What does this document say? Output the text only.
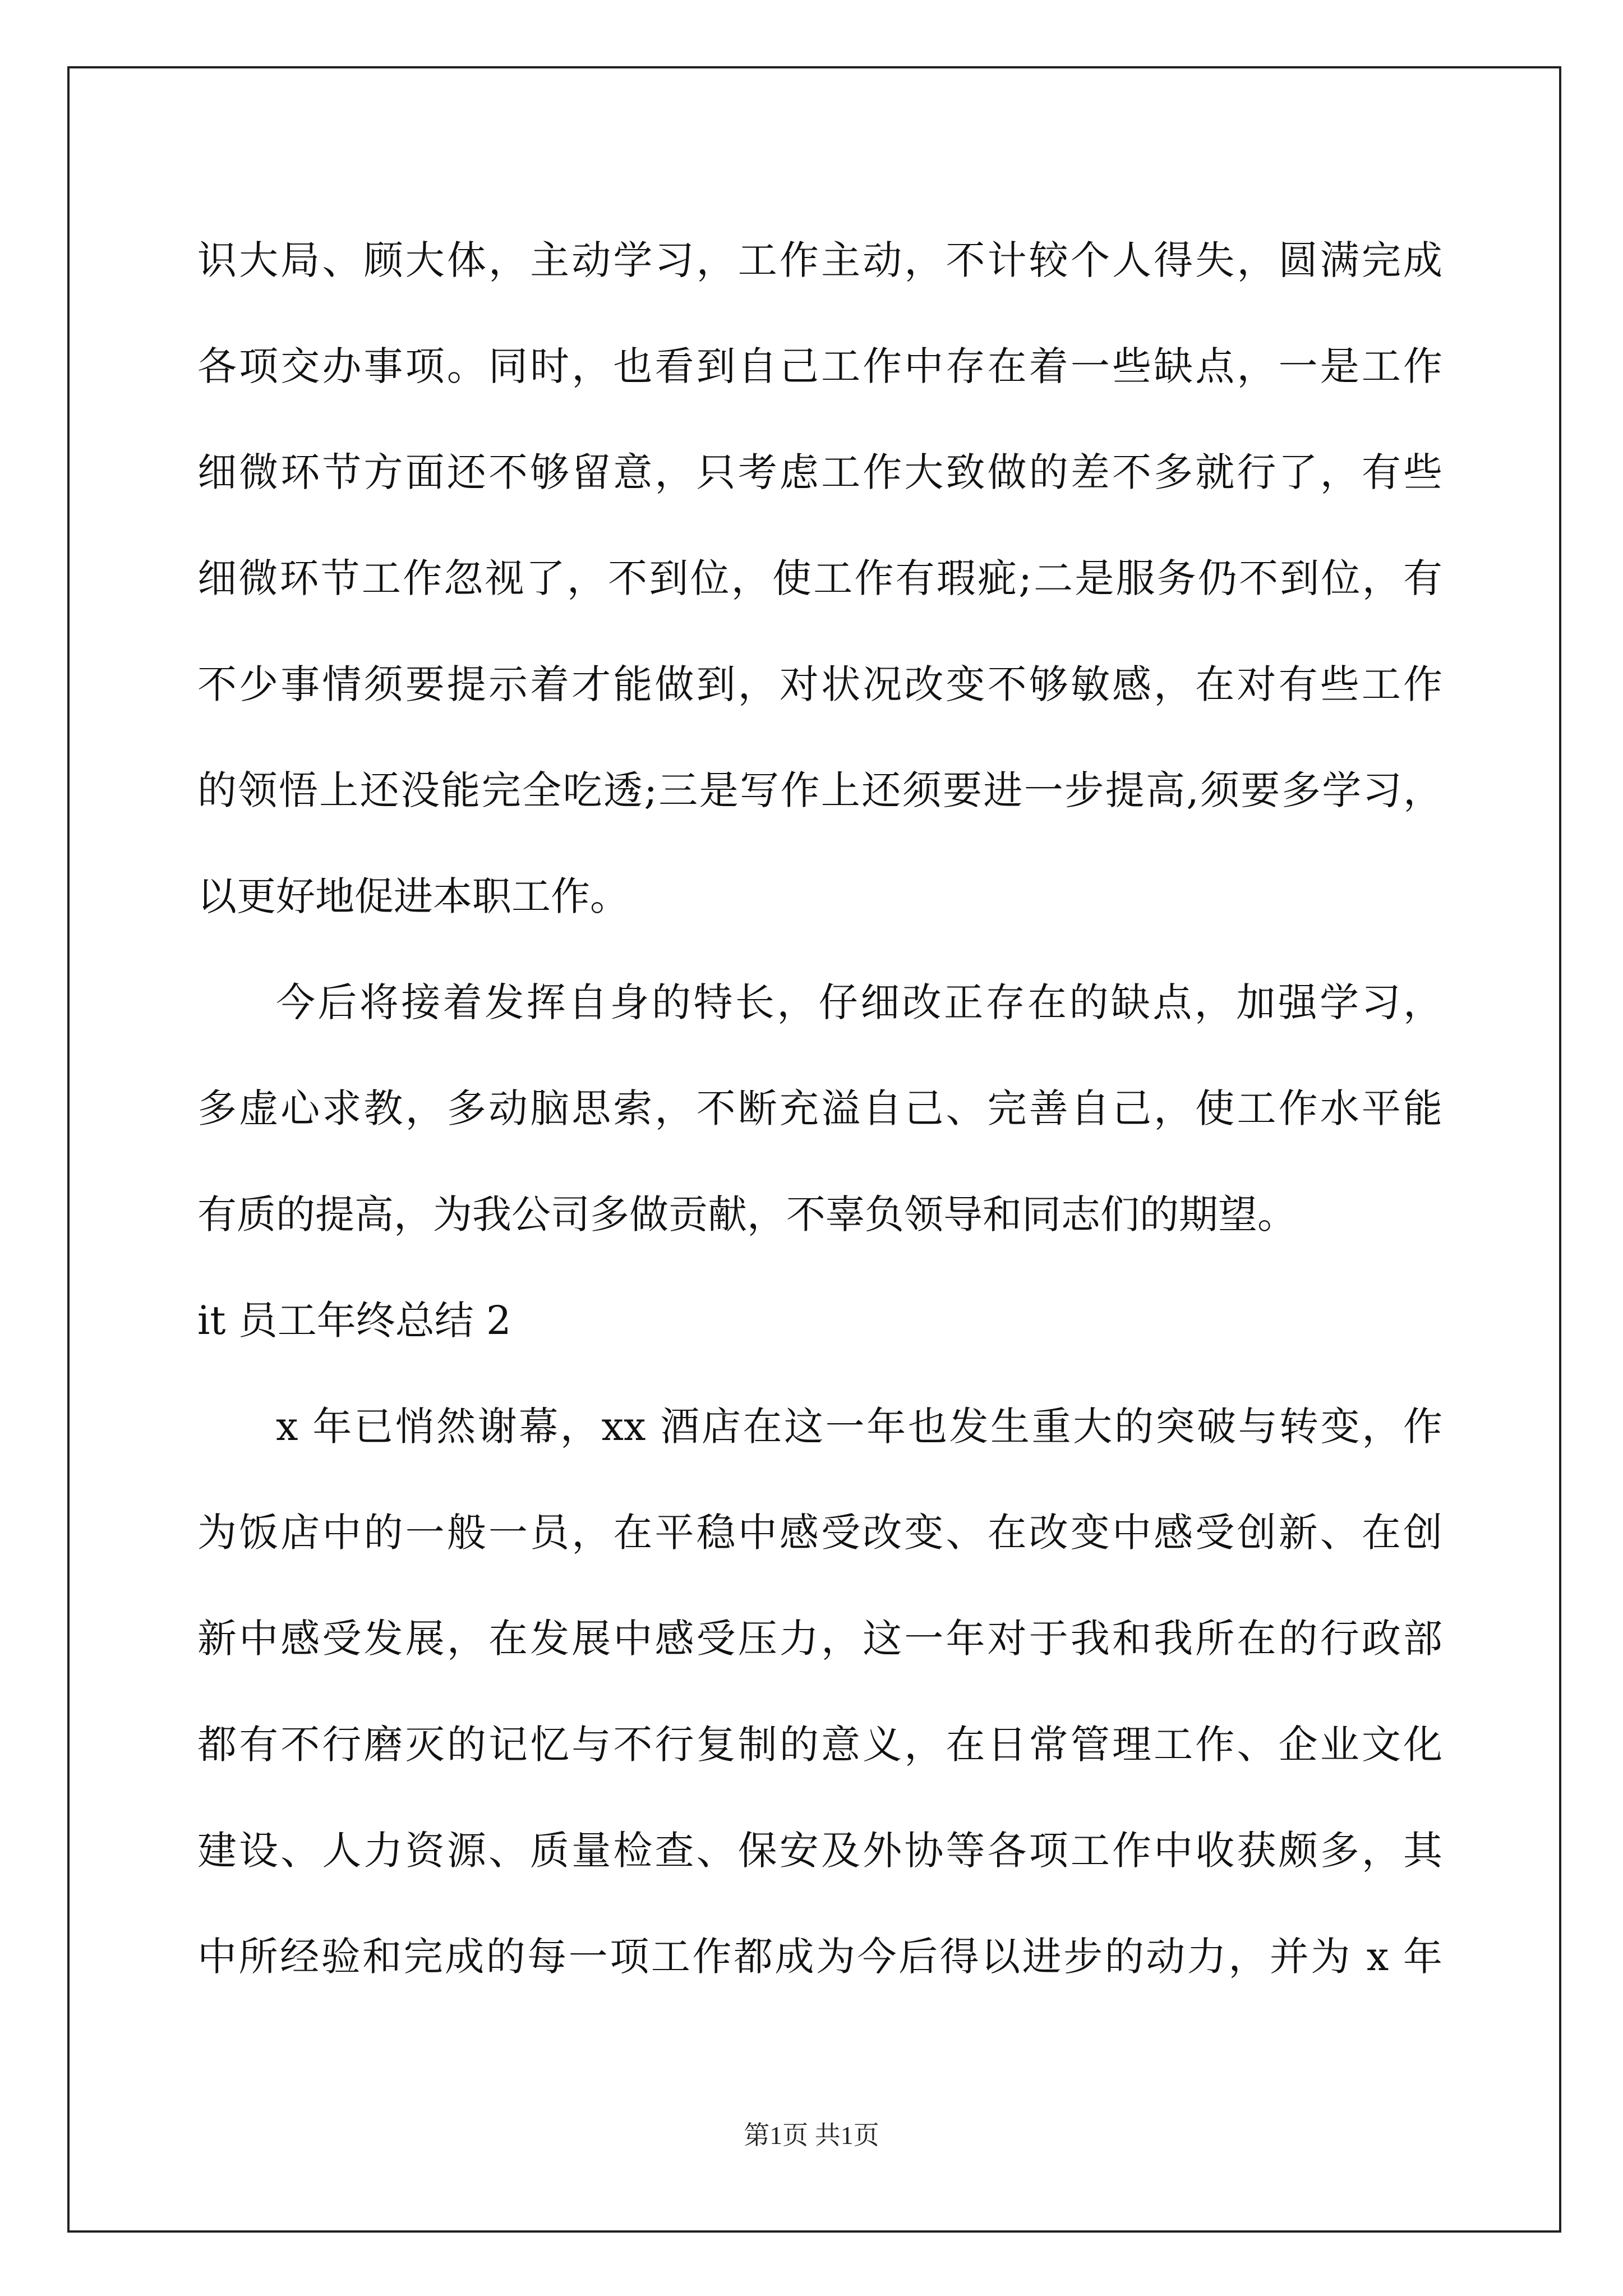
识大局、顾大体，主动学习，工作主动，不计较个人得失，圆满完成
各项交办事项。同时，也看到自己工作中存在着一些缺点，一是工作
细微环节方面还不够留意，只考虑工作大致做的差不多就行了，有些
细微环节工作忽视了，不到位，使工作有瑕疵;二是服务仍不到位，有
不少事情须要提示着才能做到，对状况改变不够敏感，在对有些工作
的领悟上还没能完全吃透;三是写作上还须要进一步提高,须要多学习，
以更好地促进本职工作。
今后将接着发挥自身的特长，仔细改正存在的缺点，加强学习，
多虚心求教，多动脑思索，不断充溢自己、完善自己，使工作水平能
有质的提高，为我公司多做贡献，不辜负领导和同志们的期望。
it 员工年终总结 2
x 年已悄然谢幕，xx 酒店在这一年也发生重大的突破与转变，作
为饭店中的一般一员，在平稳中感受改变、在改变中感受创新、在创
新中感受发展，在发展中感受压力，这一年对于我和我所在的行政部
都有不行磨灭的记忆与不行复制的意义，在日常管理工作、企业文化
建设、人力资源、质量检查、保安及外协等各项工作中收获颇多，其
中所经验和完成的每一项工作都成为今后得以进步的动力，并为 x 年
第1页 共1页
